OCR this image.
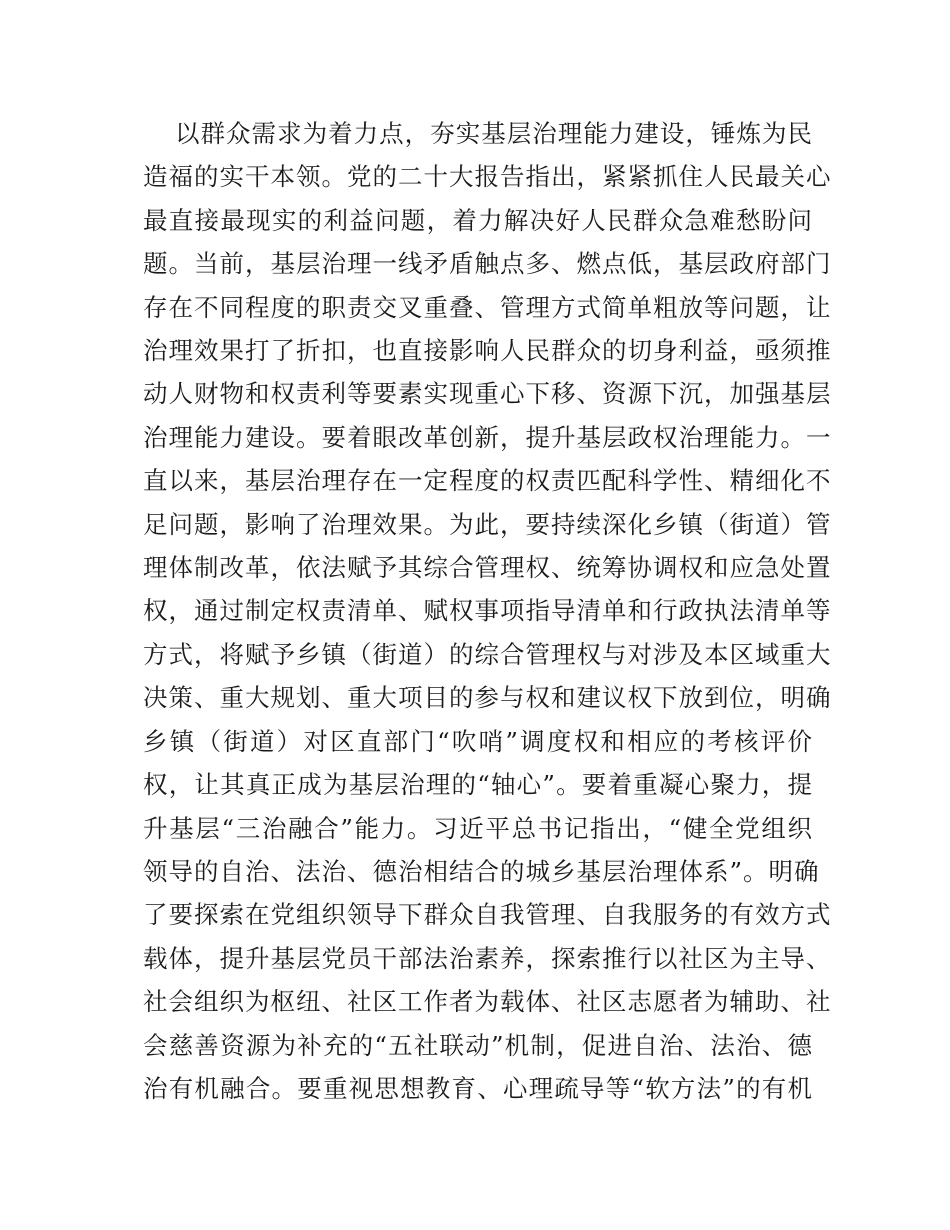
以群众需求为着力点，夯实基层治理能力建设，锤炼为民
造福的实干本领。党的二十大报告指出，紧紧抓住人民最关心
最直接最现实的利益问题，着力解决好人民群众急难愁盼问
题。当前，基层治理一线矛盾触点多、燃点低，基层政府部门
存在不同程度的职责交叉重叠、管理方式简单粗放等问题，让
治理效果打了折扣，也直接影响人民群众的切身利益，亟须推
动人财物和权责利等要素实现重心下移、资源下沉，加强基层
治理能力建设。要着眼改革创新，提升基层政权治理能力。一
直以来，基层治理存在一定程度的权责匹配科学性、精细化不
足问题，影响了治理效果。为此，要持续深化乡镇（街道）管
理体制改革，依法赋予其综合管理权、统筹协调权和应急处置
权，通过制定权责清单、赋权事项指导清单和行政执法清单等
方式，将赋予乡镇（街道）的综合管理权与对涉及本区域重大
决策、重大规划、重大项目的参与权和建议权下放到位，明确
乡镇（街道）对区直部门“吹哨”调度权和相应的考核评价
权，让其真正成为基层治理的“轴心”。要着重凝心聚力，提
升基层“三治融合”能力。习近平总书记指出，“健全党组织
领导的自治、法治、德治相结合的城乡基层治理体系”。明确
了要探索在党组织领导下群众自我管理、自我服务的有效方式
载体，提升基层党员干部法治素养，探索推行以社区为主导、
社会组织为枢纽、社区工作者为载体、社区志愿者为辅助、社
会慈善资源为补充的“五社联动”机制，促进自治、法治、德
治有机融合。要重视思想教育、心理疏导等“软方法”的有机
